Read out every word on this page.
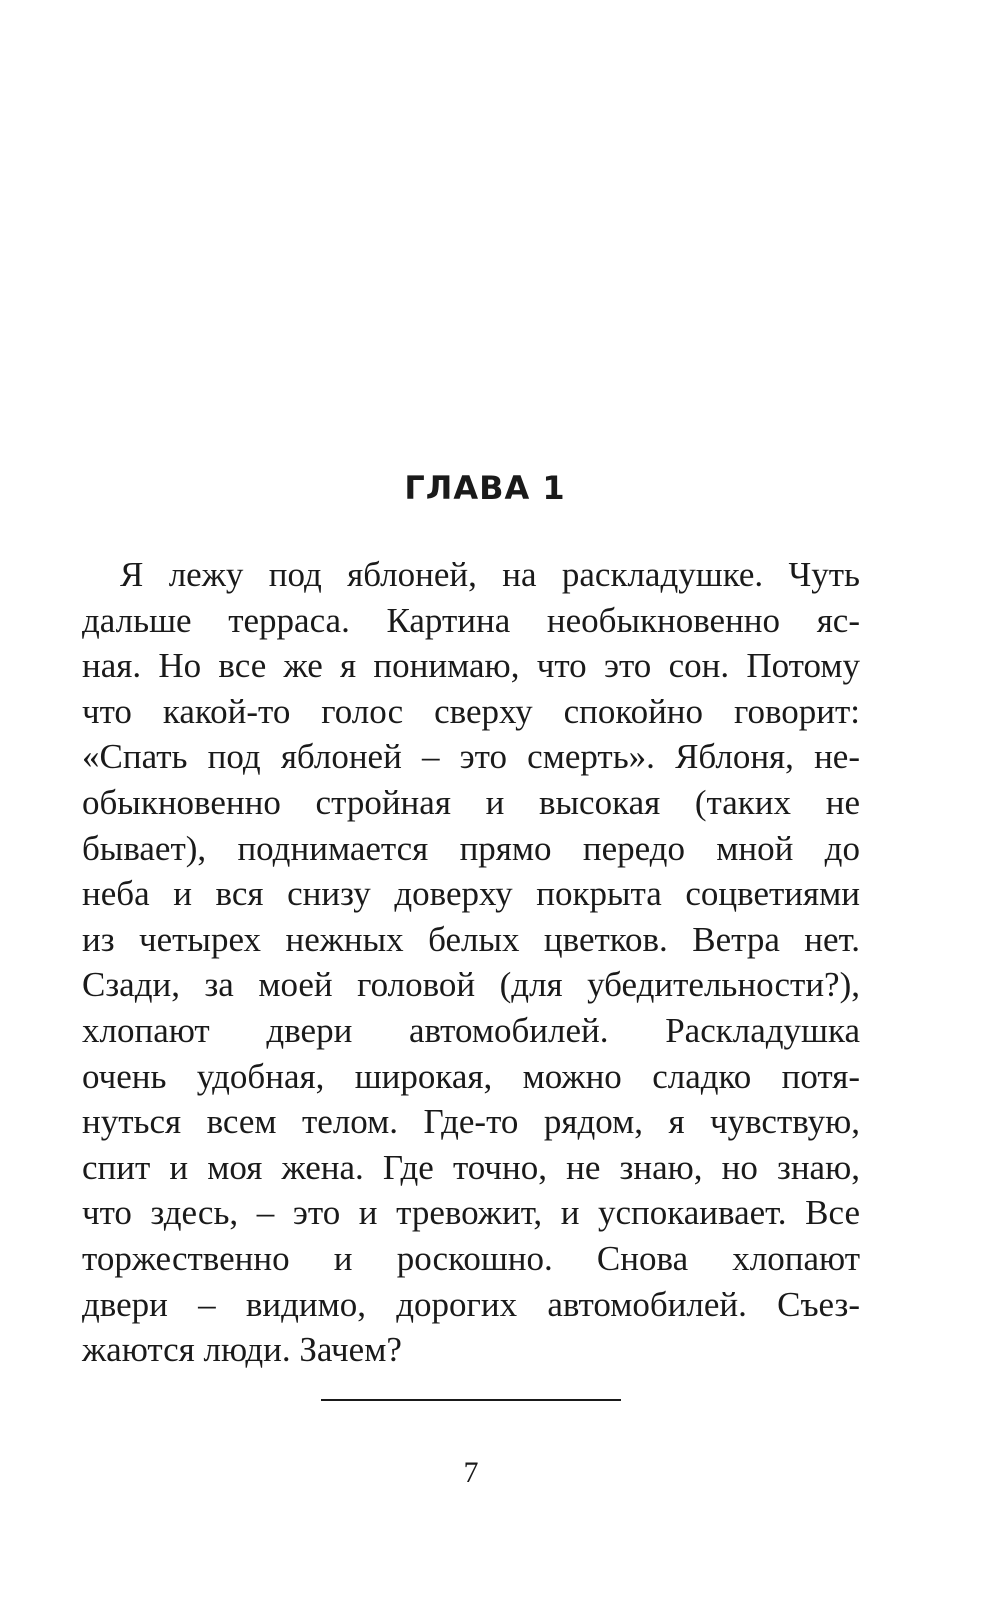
ГЛАВА 1
Я лежу под яблоней, на раскладушке. Чуть
дальше терраса. Картина необыкновенно яс-
ная. Но все же я понимаю, что это сон. Потому
что какой-то голос сверху спокойно говорит:
«Спать под яблоней – это смерть». Яблоня, не-
обыкновенно стройная и высокая (таких не
бывает), поднимается прямо передо мной до
неба и вся снизу доверху покрыта соцветиями
из четырех нежных белых цветков. Ветра нет.
Сзади, за моей головой (для убедительности?),
хлопают двери автомобилей. Раскладушка
очень удобная, широкая, можно сладко потя-
нуться всем телом. Где-то рядом, я чувствую,
спит и моя жена. Где точно, не знаю, но знаю,
что здесь, – это и тревожит, и успокаивает. Все
торжественно и роскошно. Снова хлопают
двери – видимо, дорогих автомобилей. Съез-
жаются люди. Зачем?
7
